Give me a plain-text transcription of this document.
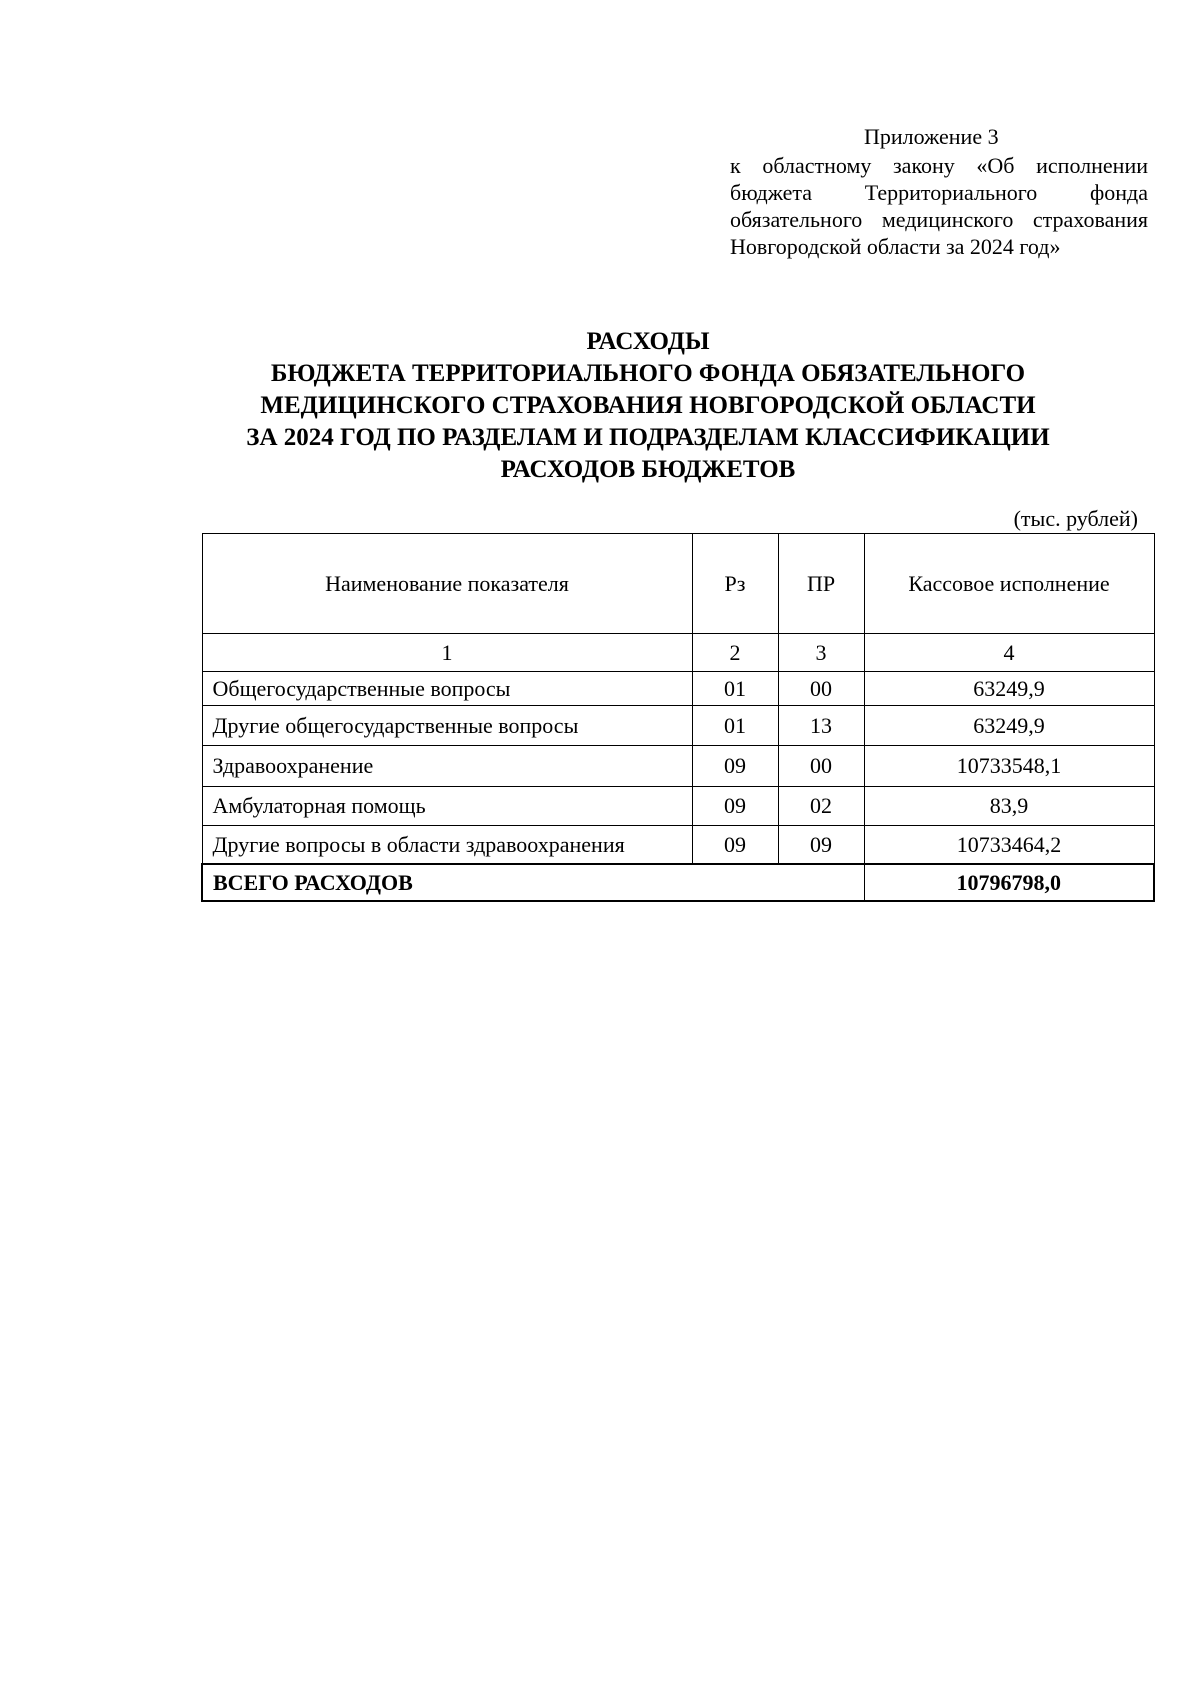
Приложение 3
к областному закону «Об исполнении бюджета Территориального фонда обязательного медицинского страхования Новгородской области за 2024 год»
РАСХОДЫ
БЮДЖЕТА ТЕРРИТОРИАЛЬНОГО ФОНДА ОБЯЗАТЕЛЬНОГО
МЕДИЦИНСКОГО СТРАХОВАНИЯ НОВГОРОДСКОЙ ОБЛАСТИ
ЗА 2024 ГОД ПО РАЗДЕЛАМ И ПОДРАЗДЕЛАМ КЛАССИФИКАЦИИ
РАСХОДОВ БЮДЖЕТОВ
(тыс. рублей)
Наименование показателя	Рз	ПР	Кассовое исполнение
1	2	3	4
Общегосударственные вопросы	01	00	63249,9
Другие общегосударственные вопросы	01	13	63249,9
Здравоохранение	09	00	10733548,1
Амбулаторная помощь	09	02	83,9
Другие вопросы в области здравоохранения	09	09	10733464,2
ВСЕГО РАСХОДОВ			10796798,0
